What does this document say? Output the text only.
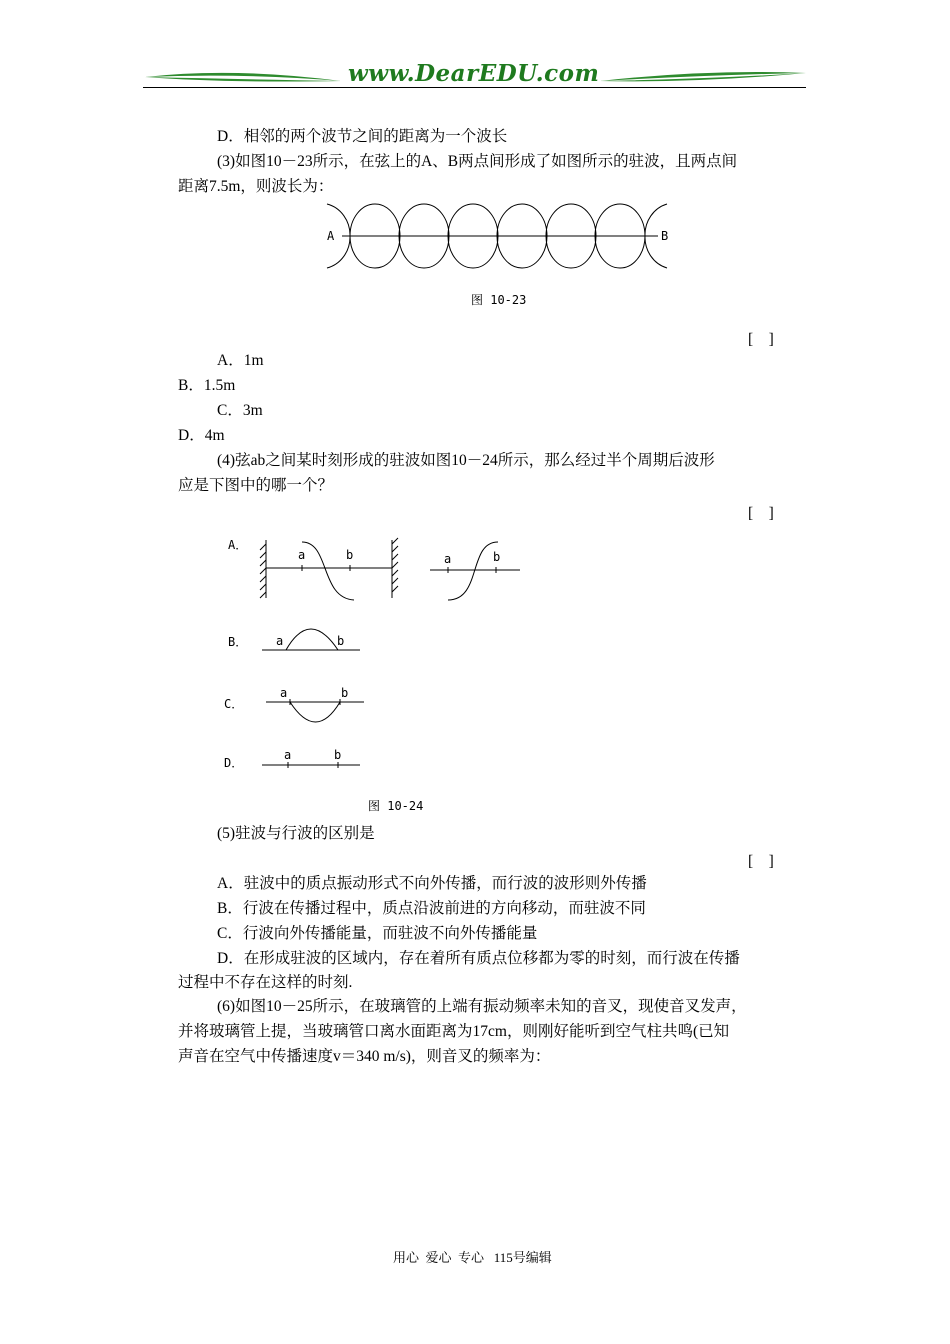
www.DearEDU.com
D．相邻的两个波节之间的距离为一个波长
(3)如图10－23所示，在弦上的A、B两点间形成了如图所示的驻波，且两点间
距离7.5m，则波长为：
A	B
图 10-23
[　]
A．1m
B．1.5m
C．3m
D．4m
(4)弦ab之间某时刻形成的驻波如图10－24所示，那么经过半个周期后波形
应是下图中的哪一个？
[　]
A．
a	b	a	b
B． a	b
C．
a	b
D．
a	b
图 10-24
(5)驻波与行波的区别是
[　]
A．驻波中的质点振动形式不向外传播，而行波的波形则外传播
B．行波在传播过程中，质点沿波前进的方向移动，而驻波不同
C．行波向外传播能量，而驻波不向外传播能量
D．在形成驻波的区域内，存在着所有质点位移都为零的时刻，而行波在传播
过程中不存在这样的时刻.
(6)如图10－25所示，在玻璃管的上端有振动频率未知的音叉，现使音叉发声，
并将玻璃管上提，当玻璃管口离水面距离为17cm，则刚好能听到空气柱共鸣(已知
声音在空气中传播速度v＝340 m/s)，则音叉的频率为：
用心  爱心  专心   115号编辑
